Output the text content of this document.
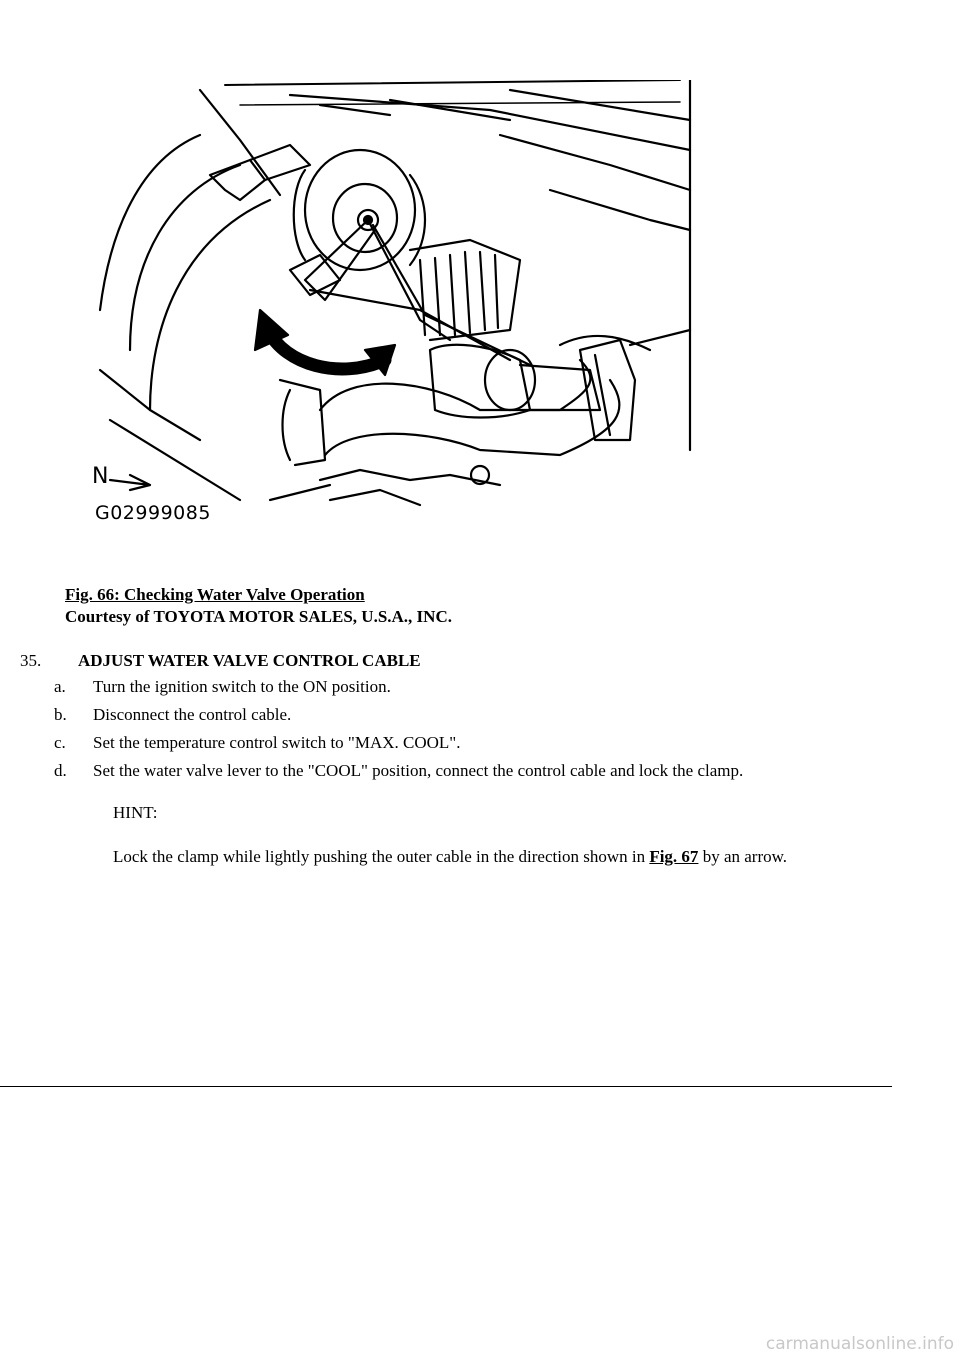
N
G02999085
Fig. 66: Checking Water Valve Operation
Courtesy of TOYOTA MOTOR SALES, U.S.A., INC.
35. ADJUST WATER VALVE CONTROL CABLE
a.	Turn the ignition switch to the ON position.
b.	Disconnect the control cable.
c.	Set the temperature control switch to "MAX. COOL".
d.	Set the water valve lever to the "COOL" position, connect the control cable and lock the clamp.
HINT:
Lock the clamp while lightly pushing the outer cable in the direction shown in Fig. 67 by an arrow.
carmanualsonline.info
